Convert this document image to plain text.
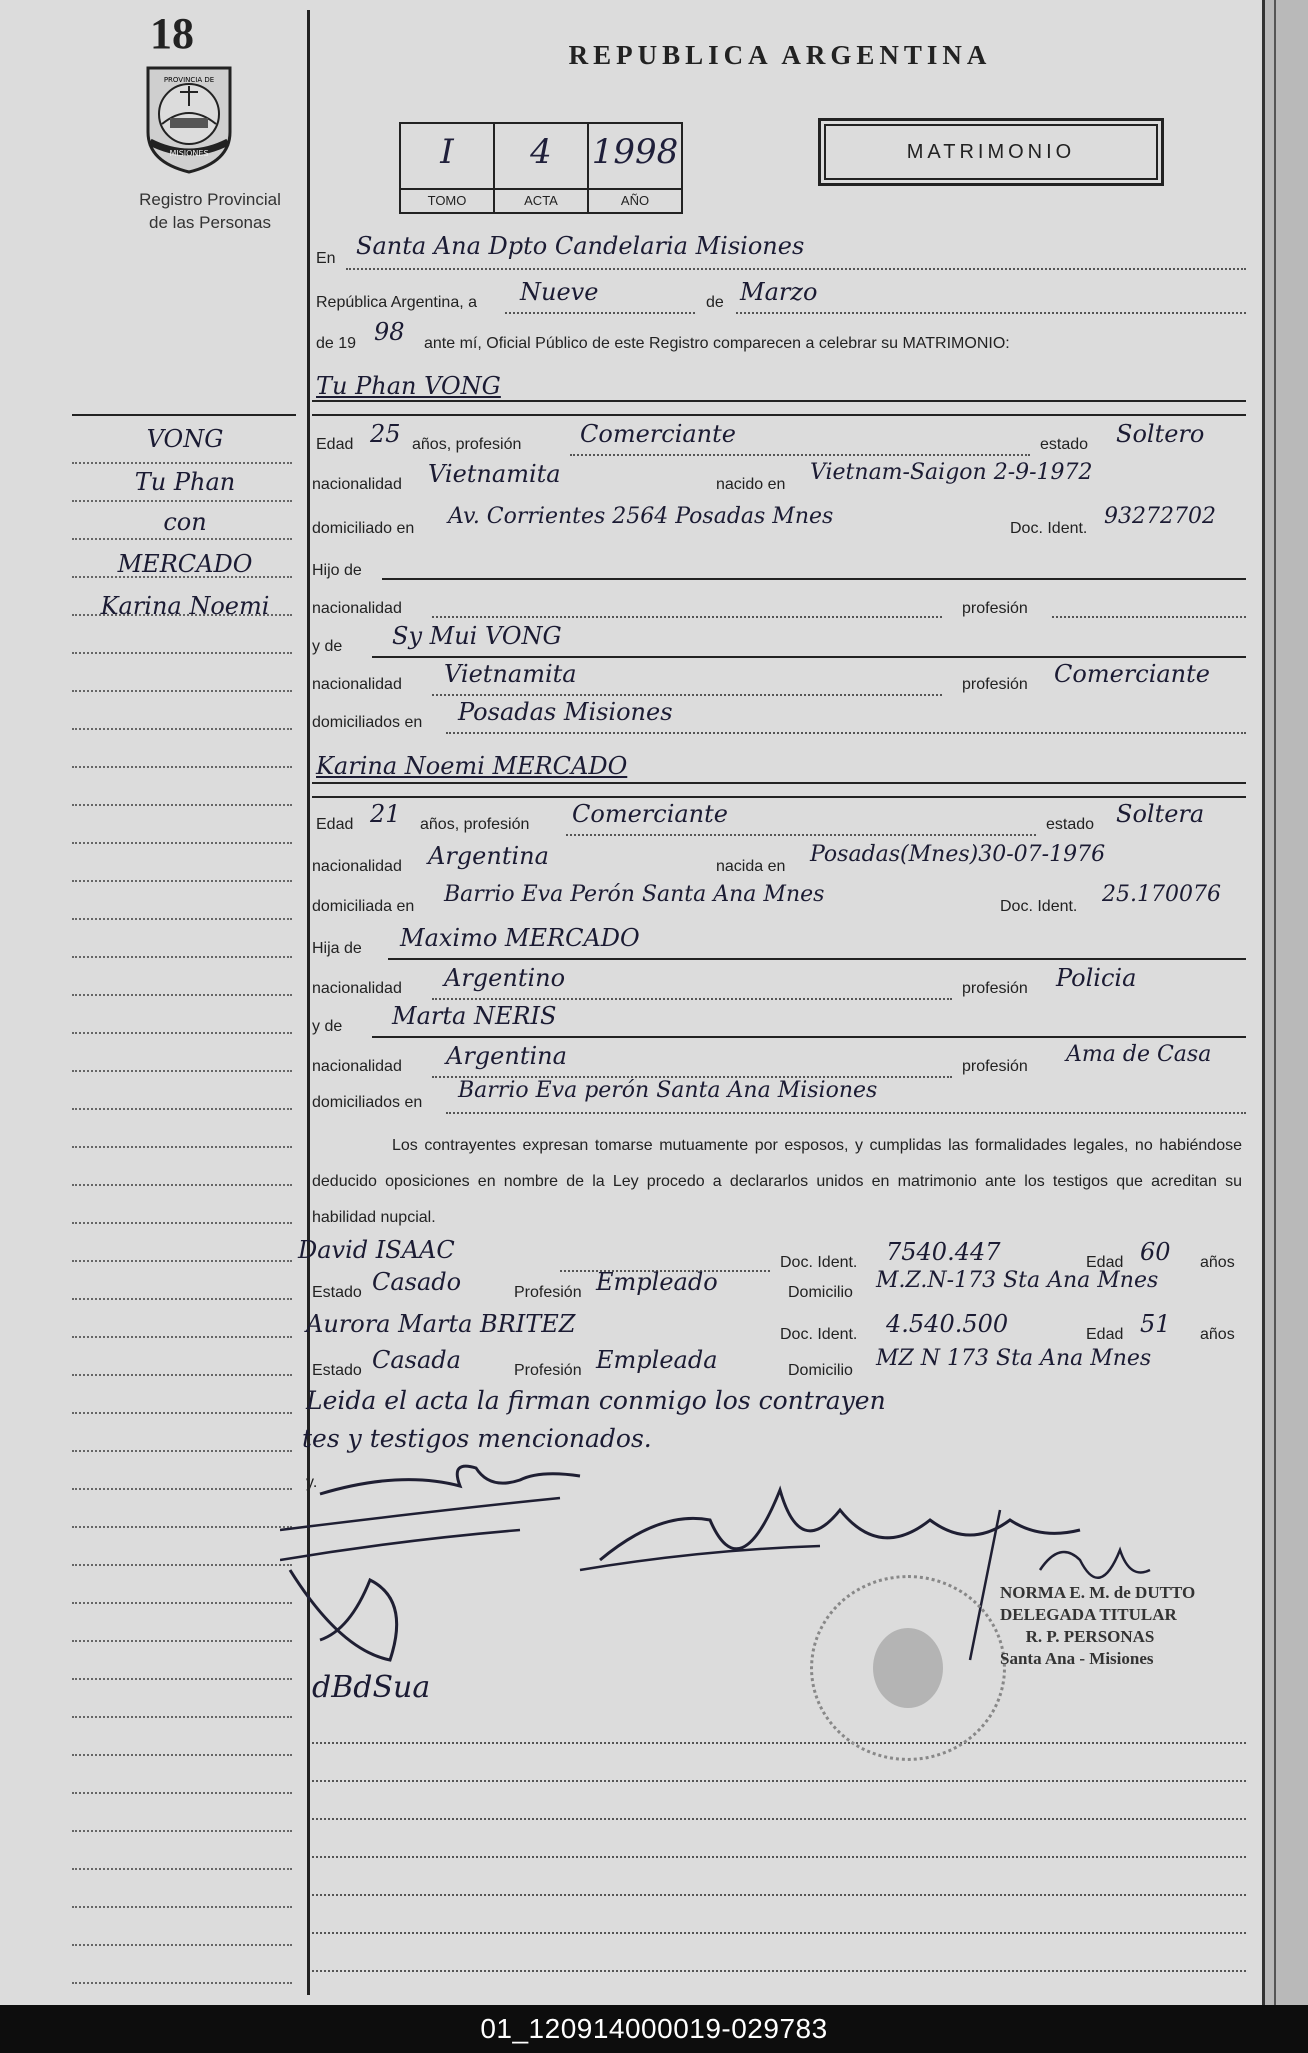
18
PROVINCIA DE
MISIONES
Registro Provincial
de las Personas
REPUBLICA ARGENTINA
I
TOMO
4
ACTA
1998
AÑO
MATRIMONIO
VONG
Tu Phan
con
MERCADO
Karina Noemi
En Santa Ana Dpto Candelaria Misiones
República Argentina, a Nueve	de Marzo
de 19 98 ante mí, Oficial Público de este Registro comparecen a celebrar su MATRIMONIO:
Tu Phan VONG
Edad 25 años, profesión Comerciante	estado Soltero
nacionalidad Vietnamita	nacido en Vietnam-Saigon 2-9-1972
domiciliado en Av. Corrientes 2564 Posadas Mnes	Doc. Ident. 93272702
Hijo de
nacionalidad	profesión
y de Sy Mui VONG
nacionalidad Vietnamita	profesión Comerciante
domiciliados en Posadas Misiones
Karina Noemi MERCADO
Edad 21 años, profesión Comerciante	estado Soltera
nacionalidad Argentina	nacida en Posadas(Mnes)30-07-1976
domiciliada en Barrio Eva Perón Santa Ana Mnes	Doc. Ident. 25.170076
Hija de Maximo MERCADO
nacionalidad Argentino	profesión Policia
y de Marta NERIS
nacionalidad Argentina	profesión Ama de Casa
domiciliados en Barrio Eva perón Santa Ana Misiones
Los contrayentes expresan tomarse mutuamente por esposos, y cumplidas las formalidades legales, no habiéndose deducido oposiciones en nombre de la Ley procedo a declararlos unidos en matrimonio ante los testigos que acreditan su habilidad nupcial.
David ISAAC	Doc. Ident. 7540.447	Edad 60 años
Estado Casado	Profesión Empleado	Domicilio M.Z.N-173 Sta Ana Mnes
Aurora Marta BRITEZ	Doc. Ident. 4.540.500	Edad 51 años
Estado Casada	Profesión Empleada	Domicilio MZ N 173 Sta Ana Mnes
Leida el acta la firman conmigo los contrayen
tes y testigos mencionados.
y.
dBdSua
NORMA E. M. de DUTTO
DELEGADA TITULAR
R. P. PERSONAS
Santa Ana - Misiones
01_120914000019-029783
